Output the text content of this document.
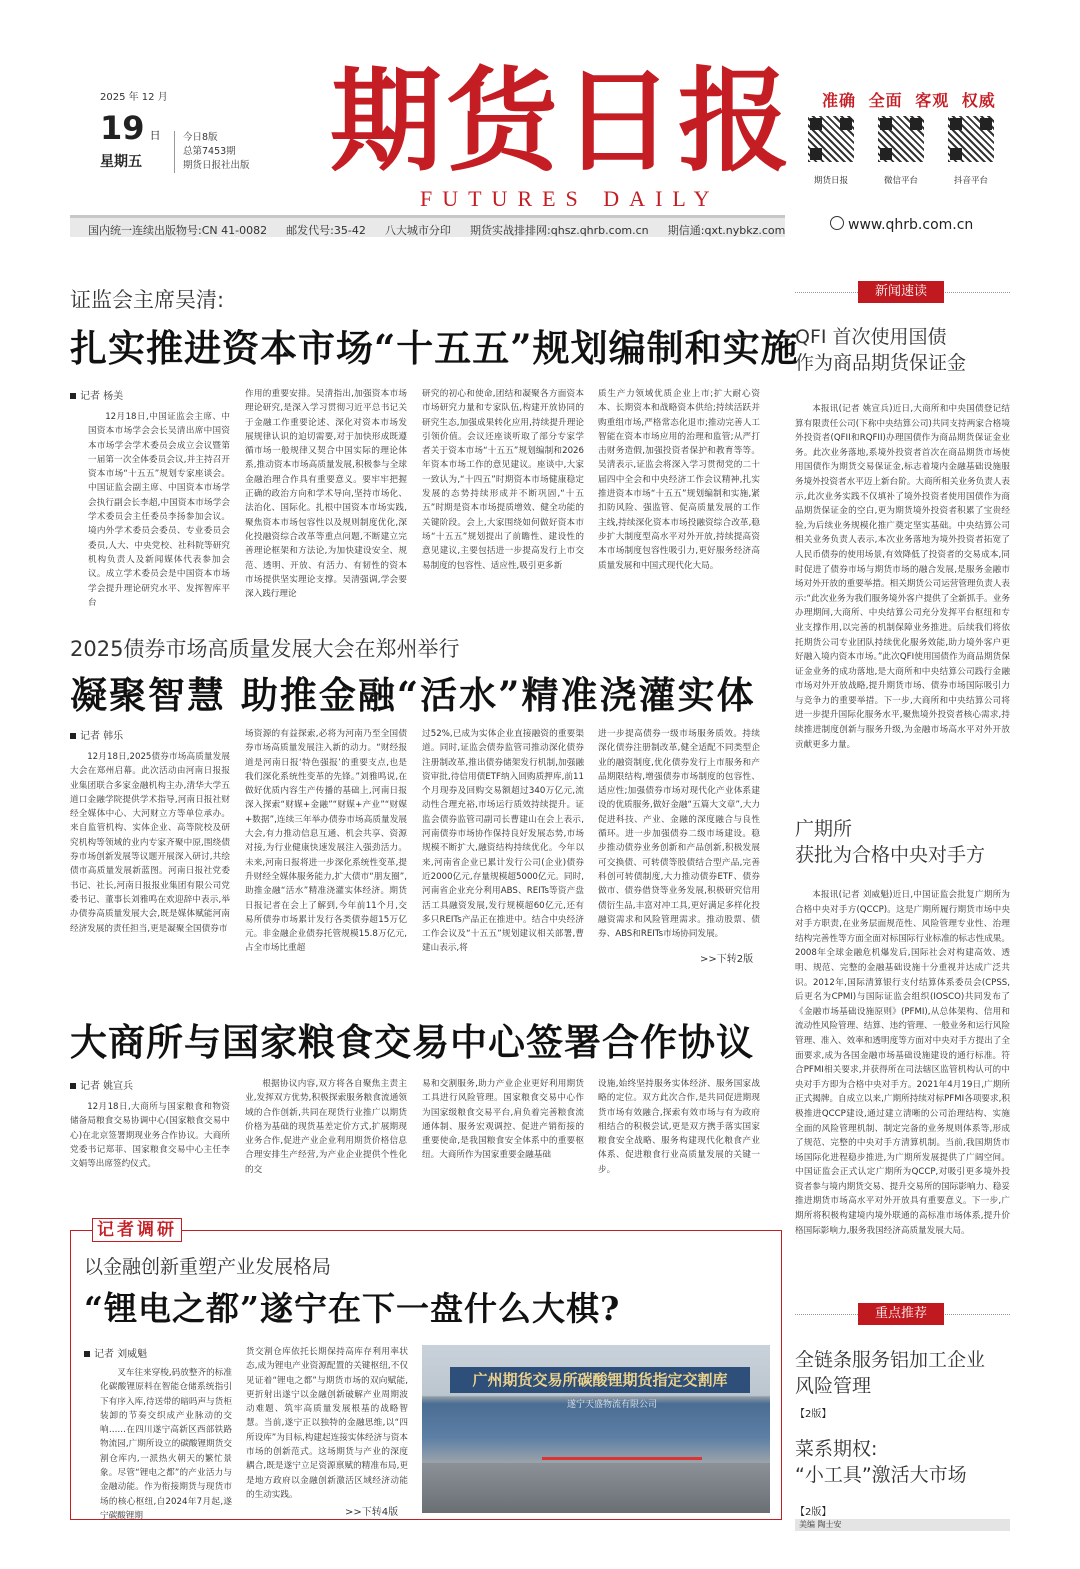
2025 年 12 月
19 日
星期五
今日8版
总第7453期
期货日报社出版 期货日报
FUTURES DAILY
准确 全面 客观 权威
期货日报	微信平台	抖音平台
国内统一连续出版物号:CN 41-0082 邮发代号:35-42 八大城市分印 期货实战排排网:qhsz.qhrb.com.cn 期信通:qxt.nybkz.com	www.qhrb.com.cn
证监会主席吴清:
扎实推进资本市场“十五五”规划编制和实施
记者 杨美

12月18日,中国证监会主席、中国资本市场学会会长吴清出席中国资本市场学会学术委员会成立会议暨第一届第一次全体委员会议,并主持召开资本市场“十五五”规划专家座谈会。中国证监会副主席、中国资本市场学会执行副会长李超,中国资本市场学会学术委员会主任委员李扬参加会议。境内外学术委员会委员、专业委员会委员,人大、中央党校、社科院等研究机构负责人及新闻媒体代表参加会议。成立学术委员会是中国资本市场学会提升理论研究水平、发挥智库平台

作用的重要安排。吴清指出,加强资本市场理论研究,是深入学习贯彻习近平总书记关于金融工作重要论述、深化对资本市场发展规律认识的迫切需要,对于加快形成既遵循市场一般规律又契合中国实际的理论体系,推动资本市场高质量发展,积极参与全球金融治理合作具有重要意义。要牢牢把握正确的政治方向和学术导向,坚持市场化、法治化、国际化。扎根中国资本市场实践,聚焦资本市场包容性以及规则制度优化,深化投融资综合改革等重点问题,不断建立完善理论框架和方法论,为加快建设安全、规范、透明、开放、有活力、有韧性的资本市场提供坚实理论支撑。吴清强调,学会要深入践行理论

研究的初心和使命,团结和凝聚各方面资本市场研究力量和专家队伍,构建开放协同的研究生态,加强成果转化应用,持续提升理论引领价值。会议还座谈听取了部分专家学者关于资本市场“十五五”规划编制和2026年资本市场工作的意见建议。座谈中,大家一致认为,“十四五”时期资本市场健康稳定发展的态势持续形成并不断巩固,“十五五”时期是资本市场提质增效、健全功能的关键阶段。会上,大家围绕如何做好资本市场“十五五”规划提出了前瞻性、建设性的意见建议,主要包括进一步提高发行上市交易制度的包容性、适应性,吸引更多新

质生产力领域优质企业上市;扩大耐心资本、长期资本和战略资本供给;持续活跃并购重组市场,严格常态化退市;推动完善人工智能在资本市场应用的治理和监管;从严打击财务造假,加强投资者保护和教育等等。吴清表示,证监会将深入学习贯彻党的二十届四中全会和中央经济工作会议精神,扎实推进资本市场“十五五”规划编制和实施,紧扣防风险、强监管、促高质量发展的工作主线,持续深化资本市场投融资综合改革,稳步扩大制度型高水平对外开放,持续提高资本市场制度包容性吸引力,更好服务经济高质量发展和中国式现代化大局。

2025债券市场高质量发展大会在郑州举行
凝聚智慧 助推金融“活水”精准浇灌实体
记者 韩乐

12月18日,2025债券市场高质量发展大会在郑州启幕。此次活动由河南日报报业集团联合多家金融机构主办,清华大学五道口金融学院提供学术指导,河南日报社财经全媒体中心、大河财立方等单位承办。来自监管机构、实体企业、高等院校及研究机构等领域的业内专家齐聚中原,围绕债券市场创新发展等议题开展深入研讨,共绘债市高质量发展新蓝图。河南日报社党委书记、社长,河南日报报业集团有限公司党委书记、董事长刘雅鸣在欢迎辞中表示,举办债券高质量发展大会,既是媒体赋能河南经济发展的责任担当,更是凝聚全国债券市

场资源的有益探索,必将为河南乃至全国债券市场高质量发展注入新的动力。“财经报道是河南日报‘特色强报’的重要支点,也是我们深化系统性变革的先锋。”刘雅鸣说,在做好优质内容生产传播的基础上,河南日报深入探索“财媒+金融”“财媒+产业”“财媒+数据”,连续三年举办债券市场高质量发展大会,有力推动信息互通、机会共享、资源对接,为行业健康快速发展注入强劲活力。未来,河南日报将进一步深化系统性变革,提升财经全媒体服务能力,扩大债市“朋友圈”,助推金融“活水”精准浇灌实体经济。期货日报记者在会上了解到,今年前11个月,交易所债券市场累计发行各类债券超15万亿元。非金融企业债券托管规模15.8万亿元,占全市场比重超

过52%,已成为实体企业直接融资的重要渠道。同时,证监会债券监管司推动深化债券注册制改革,推出债券储架发行机制,加强融资审批,待信用债ETF纳入回购质押库,前11个月现券及回购交易额超过340万亿元,流动性合理充裕,市场运行质效持续提升。证监会债券监管司副司长曹建山在会上表示,河南债券市场协作保持良好发展态势,市场规模不断扩大,融资结构持续优化。今年以来,河南省企业已累计发行公司(企业)债券近2000亿元,存量规模超5000亿元。同时,河南省企业充分利用ABS、REITs等资产盘活工具融资发展,发行规模超60亿元,还有多只REITs产品正在推进中。结合中央经济工作会议及“十五五”规划建议相关部署,曹建山表示,将

进一步提高债券一级市场服务质效。持续深化债券注册制改革,健全适配不同类型企业的融资制度,优化债券发行上市服务和产品期限结构,增强债券市场制度的包容性、适应性;加强债券市场对现代化产业体系建设的优质服务,做好金融“五篇大文章”,大力促进科技、产业、金融的深度融合与良性循环。进一步加强债券二级市场建设。稳步推动债券业务创新和产品创新,积极发展可交换债、可转债等股债结合型产品,完善科创可转债制度,大力推动债券ETF、债券做市、债券借贷等业务发展,积极研究信用债衍生品,丰富对冲工具,更好满足多样化投融资需求和风险管理需求。推动股票、债券、ABS和REITs市场协同发展。

>>下转2版
大商所与国家粮食交易中心签署合作协议
记者 姚宣兵

12月18日,大商所与国家粮食和物资储备局粮食交易协调中心(国家粮食交易中心)在北京签署期现业务合作协议。大商所党委书记郑菲、国家粮食交易中心主任李文娟等出席签约仪式。

根据协议内容,双方将各自聚焦主责主业,发挥双方优势,积极探索服务粮食流通领域的合作创新,共同在现货行业推广以期货价格为基础的现货基差定价方式,扩展期现业务合作,促进产业企业利用期货价格信息合理安排生产经营,为产业企业提供个性化的交

易和交割服务,助力产业企业更好利用期货工具进行风险管理。国家粮食交易中心作为国家级粮食交易平台,肩负着完善粮食流通体制、服务宏观调控、促进产销衔接的重要使命,是我国粮食安全体系中的重要枢纽。大商所作为国家重要金融基础

设施,始终坚持服务实体经济、服务国家战略的定位。双方此次合作,是共同促进期现货市场有效融合,探索有效市场与有为政府相结合的积极尝试,更是双方携手落实国家粮食安全战略、服务构建现代化粮食产业体系、促进粮食行业高质量发展的关键一步。

记者调研
以金融创新重塑产业发展格局
“锂电之都”遂宁在下一盘什么大棋?
记者 刘威魁

叉车往来穿梭,码放整齐的标准化碳酸锂原料在智能仓储系统指引下有序入库,待送带的暗吗声与货柜装卸的节奏交织成产业脉动的交响……在四川遂宁高新区西部铁路物流园,广期所设立的碳酸锂期货交割仓库内,一派热火朝天的繁忙景象。尽管“锂电之都”的产业活力与金融动能。作为衔接期货与现货市场的核心枢纽,自2024年7月起,遂宁碳酸锂期

货交割仓库依托长期保持高库存利用率状态,成为锂电产业资源配置的关键枢纽,不仅见证着“锂电之都”与期货市场的双向赋能,更折射出遂宁以金融创新破解产业周期波动难题、筑牢高质量发展根基的战略智慧。当前,遂宁正以独特的金融思维,以“四所设库”为目标,构建起连接实体经济与资本市场的创新范式。这场期货与产业的深度耦合,既是遂宁立足资源禀赋的精准布局,更是地方政府以金融创新激活区域经济动能的生动实践。

>>下转4版
广州期货交易所碳酸锂期货指定交割库
遂宁天盛物流有限公司
新闻速读
QFI 首次使用国债
作为商品期货保证金

本报讯(记者 姚宣兵)近日,大商所和中央国债登记结算有限责任公司(下称中央结算公司)共同支持两家合格境外投资者(QFII和RQFII)办理国债作为商品期货保证金业务。此次业务落地,系境外投资者首次在商品期货市场使用国债作为期货交易保证金,标志着境内金融基础设施服务境外投资者水平迈上新台阶。大商所相关业务负责人表示,此次业务实践不仅填补了境外投资者使用国债作为商品期货保证金的空白,更为期货境外投资者积累了宝贵经验,为后续业务规模化推广奠定坚实基础。中央结算公司相关业务负责人表示,本次业务落地为境外投资者拓宽了人民币债券的使用场景,有效降低了投资者的交易成本,同时促进了债券市场与期货市场的融合发展,是服务金融市场对外开放的重要举措。相关期货公司运营管理负责人表示:“此次业务为我们服务境外客户提供了全新抓手。业务办理期间,大商所、中央结算公司充分发挥平台枢纽和专业支撑作用,以完善的机制保障业务推进。后续我们将依托期货公司专业团队持续优化服务效能,助力境外客户更好融入境内资本市场。”此次QFI使用国债作为商品期货保证金业务的成功落地,是大商所和中央结算公司践行金融市场对外开放战略,提升期货市场、债券市场国际吸引力与竞争力的重要举措。下一步,大商所和中央结算公司将进一步提升国际化服务水平,聚焦境外投资者核心需求,持续推进制度创新与服务升级,为金融市场高水平对外开放贡献更多力量。

广期所
获批为合格中央对手方

本报讯(记者 刘威魁)近日,中国证监会批复广期所为合格中央对手方(QCCP)。这是广期所履行期货市场中央对手方职责,在业务层面规范性、风险管理专业性、治理结构完善性等方面全面对标国际行业标准的标志性成果。2008年全球金融危机爆发后,国际社会对构建高效、透明、规范、完整的金融基础设施十分重视并达成广泛共识。2012年,国际清算银行支付结算体系委员会(CPSS,后更名为CPMI)与国际证监会组织(IOSCO)共同发布了《金融市场基础设施原则》(PFMI),从总体架构、信用和流动性风险管理、结算、违约管理、一般业务和运行风险管理、准入、效率和透明度等方面对中央对手方提出了全面要求,成为各国金融市场基础设施建设的通行标准。符合PFMI相关要求,并获得所在司法辖区监管机构认可的中央对手方即为合格中央对手方。2021年4月19日,广期所正式揭牌。自成立以来,广期所持续对标PFMI各项要求,积极推进QCCP建设,通过建立清晰的公司治理结构、实施全面的风险管理机制、制定完备的业务规则体系等,形成了规范、完整的中央对手方清算机制。当前,我国期货市场国际化进程稳步推进,为广期所发展提供了广阔空间。中国证监会正式认定广期所为QCCP,对吸引更多境外投资者参与境内期货交易、提升交易所的国际影响力、稳妥推进期货市场高水平对外开放具有重要意义。下一步,广期所将积极构建境内境外联通的高标准市场体系,提升价格国际影响力,服务我国经济高质量发展大局。

重点推荐
全链条服务铝加工企业
风险管理
【2版】
菜系期权:
“小工具”激活大市场
【2版】
美编 陶士安
